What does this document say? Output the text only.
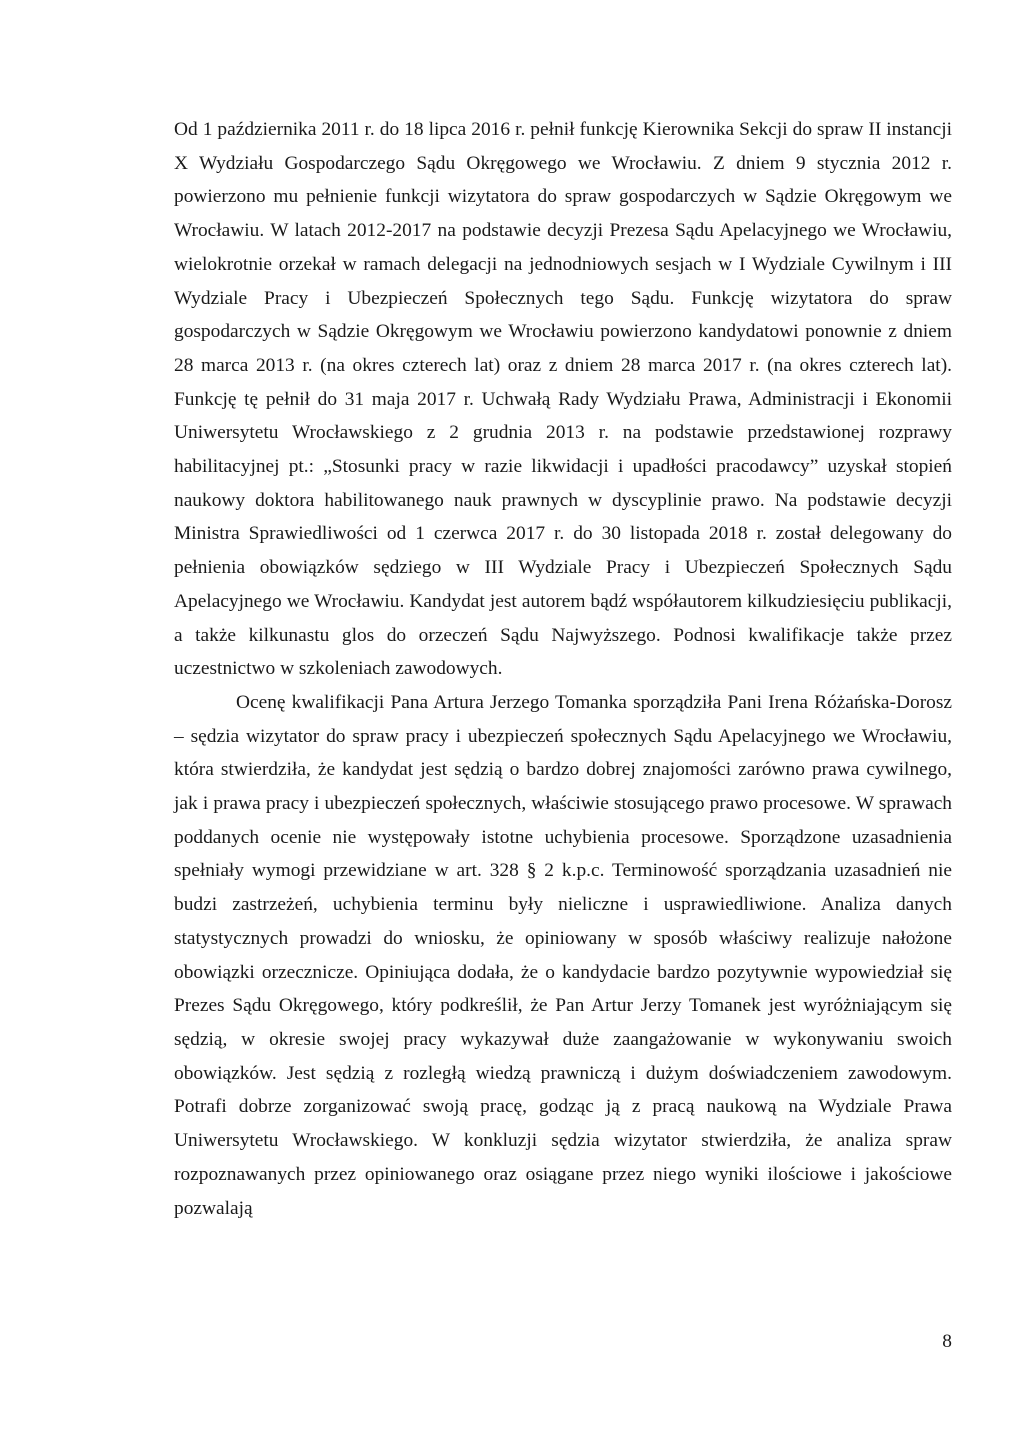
Od 1 października 2011 r. do 18 lipca 2016 r. pełnił funkcję Kierownika Sekcji do spraw II instancji X Wydziału Gospodarczego Sądu Okręgowego we Wrocławiu. Z dniem 9 stycznia 2012 r. powierzono mu pełnienie funkcji wizytatora do spraw gospodarczych w Sądzie Okręgowym we Wrocławiu. W latach 2012-2017 na podstawie decyzji Prezesa Sądu Apelacyjnego we Wrocławiu, wielokrotnie orzekał w ramach delegacji na jednodniowych sesjach w I Wydziale Cywilnym i III Wydziale Pracy i Ubezpieczeń Społecznych tego Sądu. Funkcję wizytatora do spraw gospodarczych w Sądzie Okręgowym we Wrocławiu powierzono kandydatowi ponownie z dniem 28 marca 2013 r. (na okres czterech lat) oraz z dniem 28 marca 2017 r. (na okres czterech lat). Funkcję tę pełnił do 31 maja 2017 r. Uchwałą Rady Wydziału Prawa, Administracji i Ekonomii Uniwersytetu Wrocławskiego z 2 grudnia 2013 r. na podstawie przedstawionej rozprawy habilitacyjnej pt.: „Stosunki pracy w razie likwidacji i upadłości pracodawcy” uzyskał stopień naukowy doktora habilitowanego nauk prawnych w dyscyplinie prawo. Na podstawie decyzji Ministra Sprawiedliwości od 1 czerwca 2017 r. do 30 listopada 2018 r. został delegowany do pełnienia obowiązków sędziego w III Wydziale Pracy i Ubezpieczeń Społecznych Sądu Apelacyjnego we Wrocławiu. Kandydat jest autorem bądź współautorem kilkudziesięciu publikacji, a także kilkunastu glos do orzeczeń Sądu Najwyższego. Podnosi kwalifikacje także przez uczestnictwo w szkoleniach zawodowych.

Ocenę kwalifikacji Pana Artura Jerzego Tomanka sporządziła Pani Irena Różańska-Dorosz – sędzia wizytator do spraw pracy i ubezpieczeń społecznych Sądu Apelacyjnego we Wrocławiu, która stwierdziła, że kandydat jest sędzią o bardzo dobrej znajomości zarówno prawa cywilnego, jak i prawa pracy i ubezpieczeń społecznych, właściwie stosującego prawo procesowe. W sprawach poddanych ocenie nie występowały istotne uchybienia procesowe. Sporządzone uzasadnienia spełniały wymogi przewidziane w art. 328 § 2 k.p.c. Terminowość sporządzania uzasadnień nie budzi zastrzeżeń, uchybienia terminu były nieliczne i usprawiedliwione. Analiza danych statystycznych prowadzi do wniosku, że opiniowany w sposób właściwy realizuje nałożone obowiązki orzecznicze. Opiniująca dodała, że o kandydacie bardzo pozytywnie wypowiedział się Prezes Sądu Okręgowego, który podkreślił, że Pan Artur Jerzy Tomanek jest wyróżniającym się sędzią, w okresie swojej pracy wykazywał duże zaangażowanie w wykonywaniu swoich obowiązków. Jest sędzią z rozległą wiedzą prawniczą i dużym doświadczeniem zawodowym. Potrafi dobrze zorganizować swoją pracę, godząc ją z pracą naukową na Wydziale Prawa Uniwersytetu Wrocławskiego. W konkluzji sędzia wizytator stwierdziła, że analiza spraw rozpoznawanych przez opiniowanego oraz osiągane przez niego wyniki ilościowe i jakościowe pozwalają

8
